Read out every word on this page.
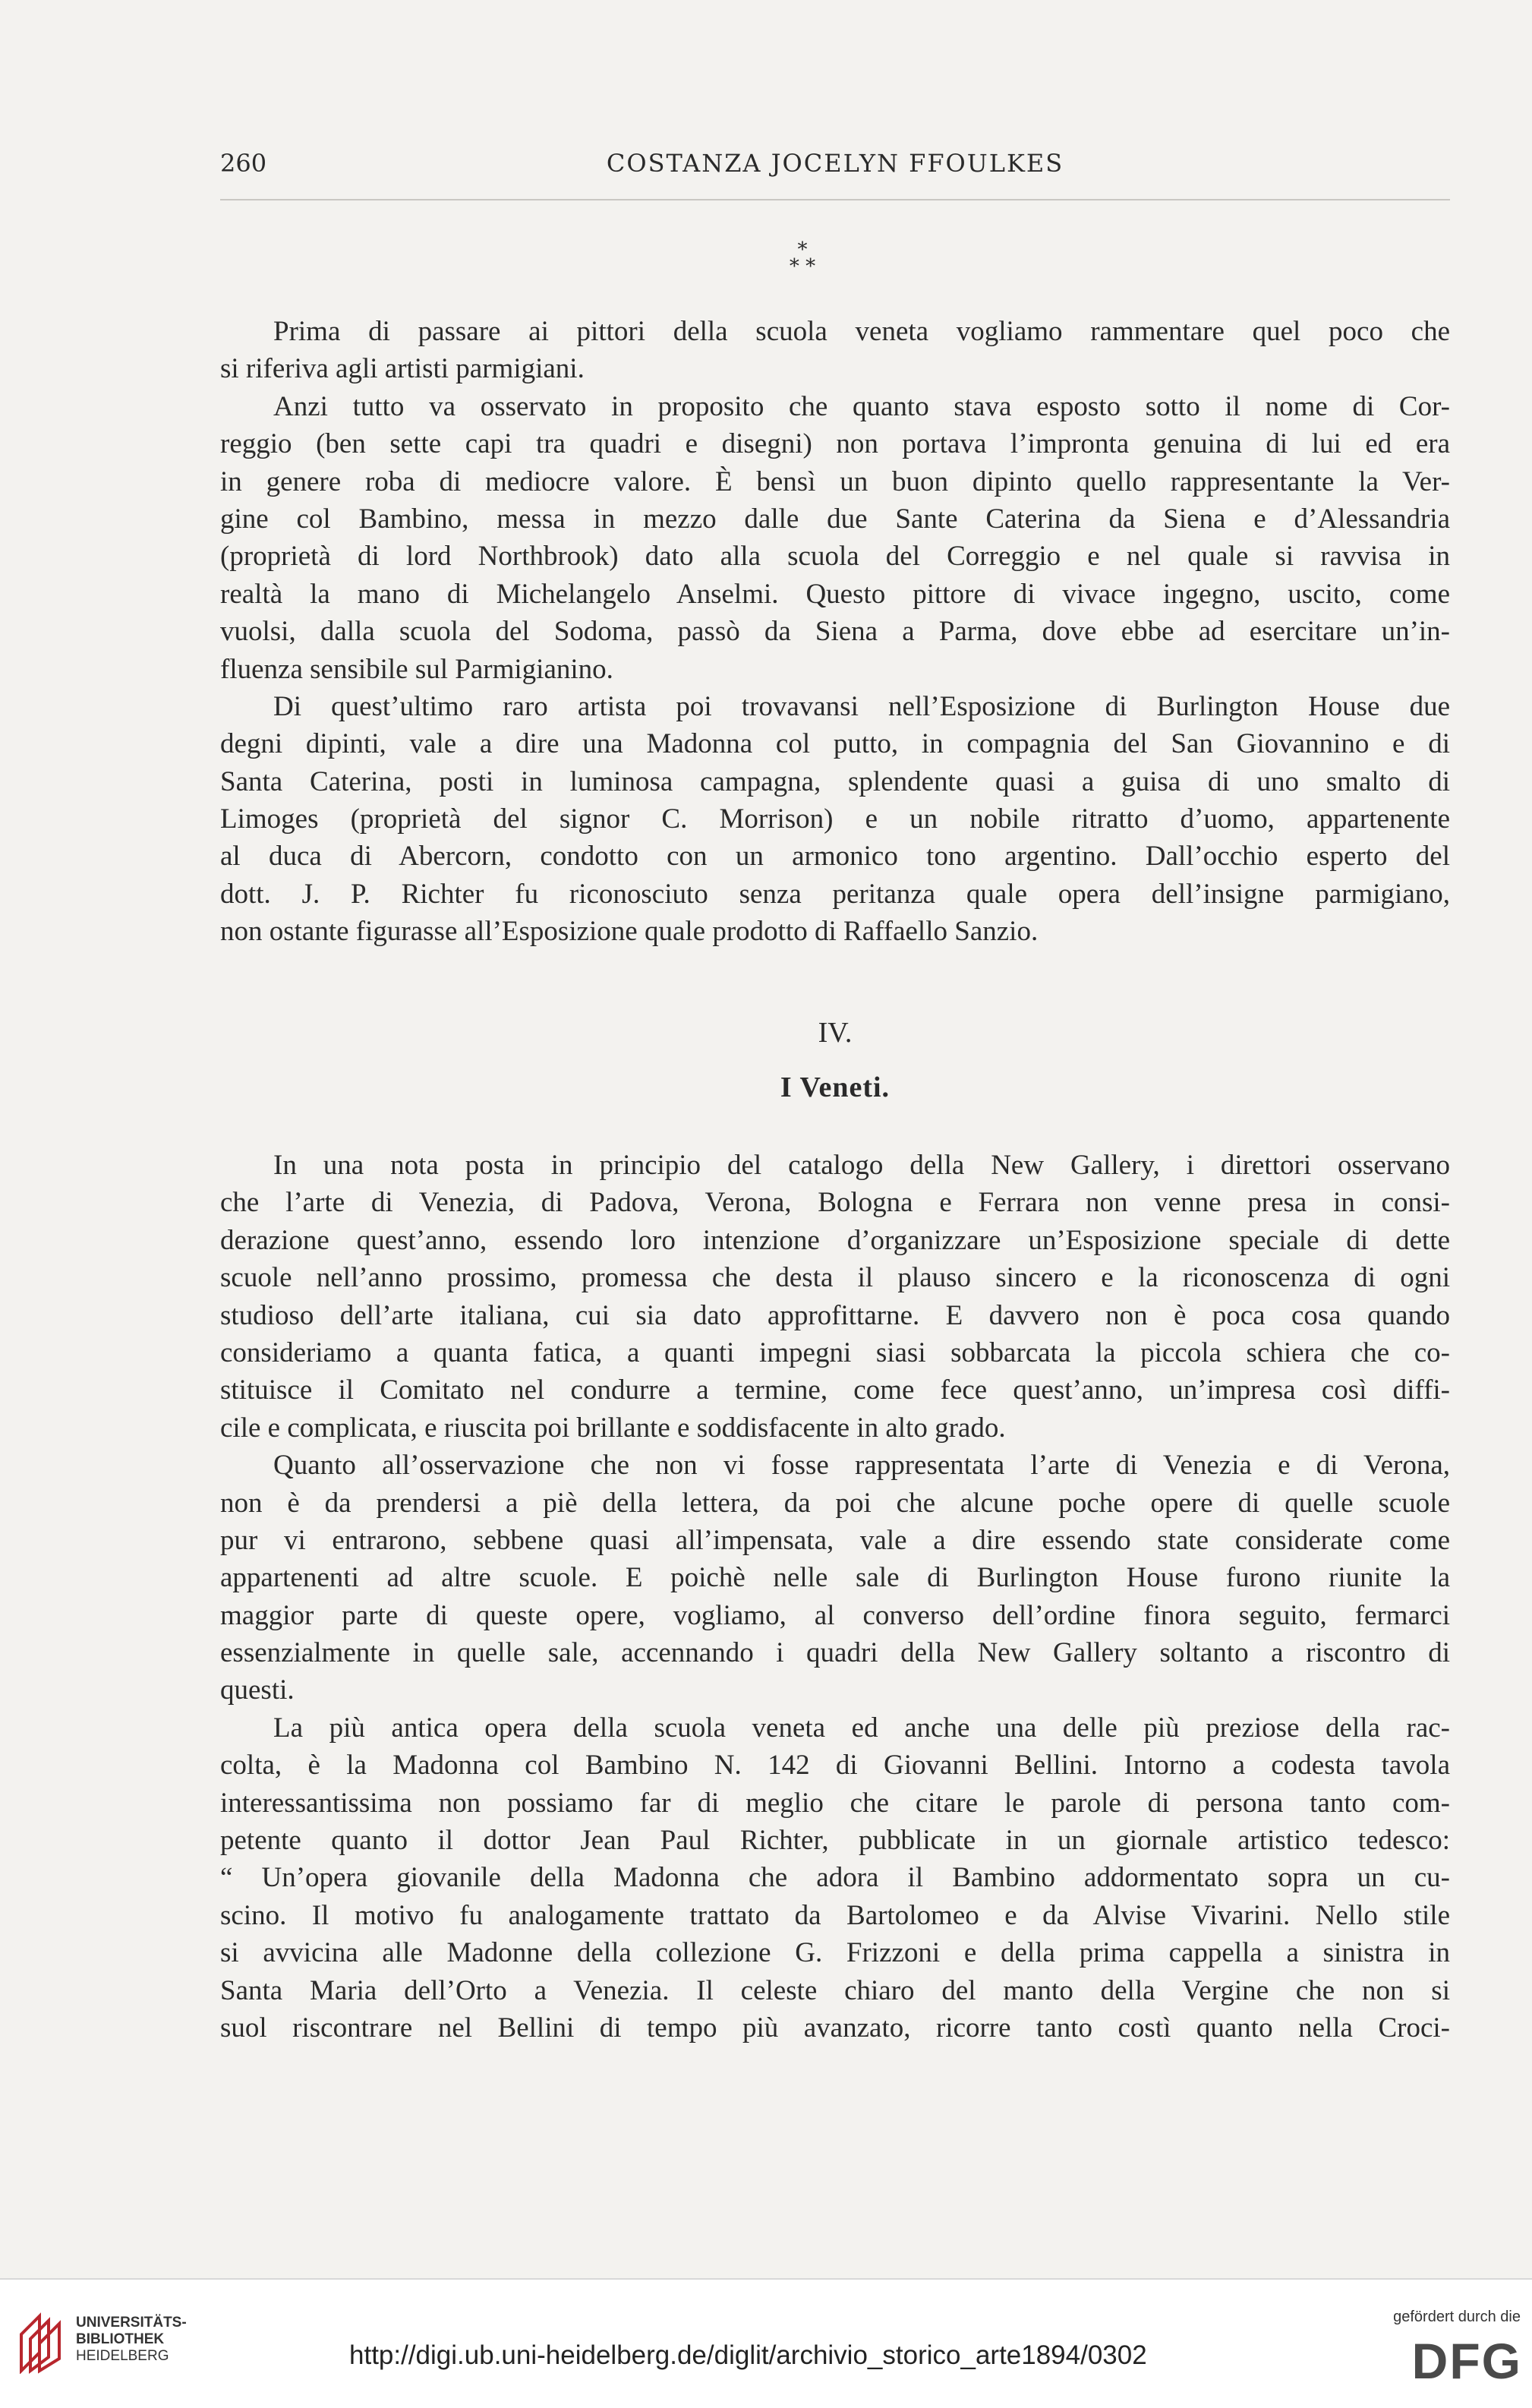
260	COSTANZA JOCELYN FFOULKES
*
* *
Prima di passare ai pittori della scuola veneta vogliamo rammentare quel poco che
si riferiva agli artisti parmigiani.
Anzi tutto va osservato in proposito che quanto stava esposto sotto il nome di Cor-
reggio (ben sette capi tra quadri e disegni) non portava l’impronta genuina di lui ed era
in genere roba di mediocre valore. È bensì un buon dipinto quello rappresentante la Ver-
gine col Bambino, messa in mezzo dalle due Sante Caterina da Siena e d’Alessandria
(proprietà di lord Northbrook) dato alla scuola del Correggio e nel quale si ravvisa in
realtà la mano di Michelangelo Anselmi. Questo pittore di vivace ingegno, uscito, come
vuolsi, dalla scuola del Sodoma, passò da Siena a Parma, dove ebbe ad esercitare un’in-
fluenza sensibile sul Parmigianino.
Di quest’ultimo raro artista poi trovavansi nell’Esposizione di Burlington House due
degni dipinti, vale a dire una Madonna col putto, in compagnia del San Giovannino e di
Santa Caterina, posti in luminosa campagna, splendente quasi a guisa di uno smalto di
Limoges (proprietà del signor C. Morrison) e un nobile ritratto d’uomo, appartenente
al duca di Abercorn, condotto con un armonico tono argentino. Dall’occhio esperto del
dott. J. P. Richter fu riconosciuto senza peritanza quale opera dell’insigne parmigiano,
non ostante figurasse all’Esposizione quale prodotto di Raffaello Sanzio.
IV.
I Veneti.
In una nota posta in principio del catalogo della New Gallery, i direttori osservano
che l’arte di Venezia, di Padova, Verona, Bologna e Ferrara non venne presa in consi-
derazione quest’anno, essendo loro intenzione d’organizzare un’Esposizione speciale di dette
scuole nell’anno prossimo, promessa che desta il plauso sincero e la riconoscenza di ogni
studioso dell’arte italiana, cui sia dato approfittarne. E davvero non è poca cosa quando
consideriamo a quanta fatica, a quanti impegni siasi sobbarcata la piccola schiera che co-
stituisce il Comitato nel condurre a termine, come fece quest’anno, un’impresa così diffi-
cile e complicata, e riuscita poi brillante e soddisfacente in alto grado.
Quanto all’osservazione che non vi fosse rappresentata l’arte di Venezia e di Verona,
non è da prendersi a piè della lettera, da poi che alcune poche opere di quelle scuole
pur vi entrarono, sebbene quasi all’impensata, vale a dire essendo state considerate come
appartenenti ad altre scuole. E poichè nelle sale di Burlington House furono riunite la
maggior parte di queste opere, vogliamo, al converso dell’ordine finora seguito, fermarci
essenzialmente in quelle sale, accennando i quadri della New Gallery soltanto a riscontro di
questi.
La più antica opera della scuola veneta ed anche una delle più preziose della rac-
colta, è la Madonna col Bambino N. 142 di Giovanni Bellini. Intorno a codesta tavola
interessantissima non possiamo far di meglio che citare le parole di persona tanto com-
petente quanto il dottor Jean Paul Richter, pubblicate in un giornale artistico tedesco:
“ Un’opera giovanile della Madonna che adora il Bambino addormentato sopra un cu-
scino. Il motivo fu analogamente trattato da Bartolomeo e da Alvise Vivarini. Nello stile
si avvicina alle Madonne della collezione G. Frizzoni e della prima cappella a sinistra in
Santa Maria dell’Orto a Venezia. Il celeste chiaro del manto della Vergine che non si
suol riscontrare nel Bellini di tempo più avanzato, ricorre tanto costì quanto nella Croci-
UNIVERSITÄTS-
BIBLIOTHEK
HEIDELBERG	http://digi.ub.uni-heidelberg.de/diglit/archivio_storico_arte1894/0302
gefördert durch die
DFG
